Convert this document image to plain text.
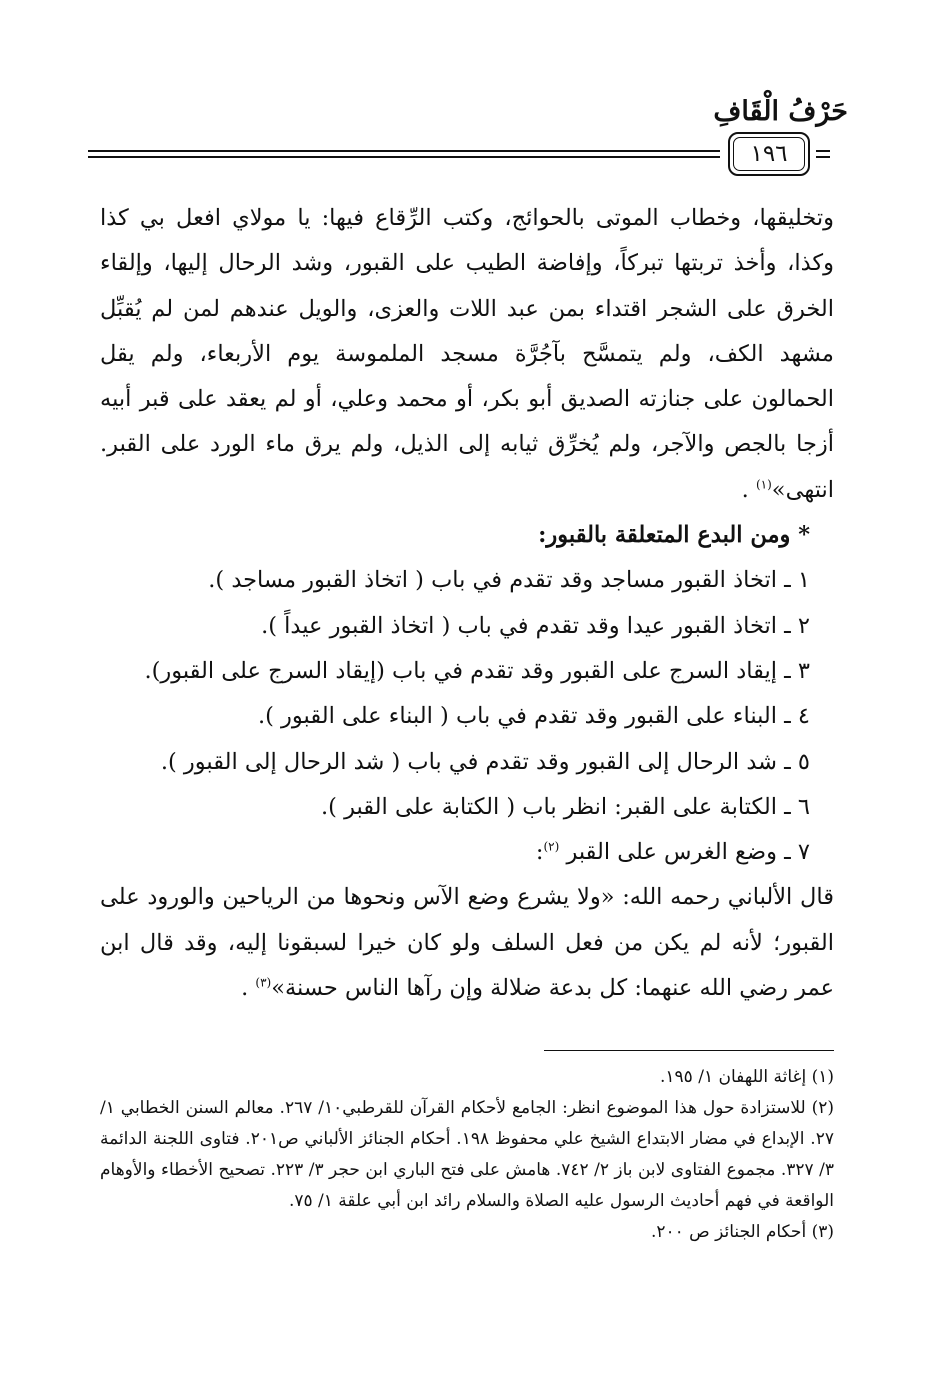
حَرْفُ الْقَافِ
١٩٦

وتخليقها، وخطاب الموتى بالحوائج، وكتب الرِّقاع فيها: يا مولاي افعل بي كذا وكذا، وأخذ تربتها تبركاً، وإفاضة الطيب على القبور، وشد الرحال إليها، وإلقاء الخرق على الشجر اقتداء بمن عبد اللات والعزى، والويل عندهم لمن لم يُقبِّل مشهد الكف، ولم يتمسَّح بآجُرَّة مسجد الملموسة يوم الأربعاء، ولم يقل الحمالون على جنازته الصديق أبو بكر، أو محمد وعلي، أو لم يعقد على قبر أبيه أزجا بالجص والآجر، ولم يُخرِّق ثيابه إلى الذيل، ولم يرق ماء الورد على القبر. انتهى»$^{(١)}$ .

* ومن البدع المتعلقة بالقبور:

١ ـ اتخاذ القبور مساجد وقد تقدم في باب ( اتخاذ القبور مساجد ).

٢ ـ اتخاذ القبور عيدا وقد تقدم في باب ( اتخاذ القبور عيداً ).

٣ ـ إيقاد السرج على القبور وقد تقدم في باب (إيقاد السرج على القبور).

٤ ـ البناء على القبور وقد تقدم في باب ( البناء على القبور ).

٥ ـ شد الرحال إلى القبور وقد تقدم في باب ( شد الرحال إلى القبور ).

٦ ـ الكتابة على القبر: انظر باب ( الكتابة على القبر ).

٧ ـ وضع الغرس على القبر $^{(٢)}$:

قال الألباني رحمه الله: «ولا يشرع وضع الآس ونحوها من الرياحين والورود على القبور؛ لأنه لم يكن من فعل السلف ولو كان خيرا لسبقونا إليه، وقد قال ابن عمر رضي الله عنهما: كل بدعة ضلالة وإن رآها الناس حسنة»$^{(٣)}$ .

(١) إغاثة اللهفان ١/ ١٩٥.

(٢) للاستزادة حول هذا الموضوع انظر: الجامع لأحكام القرآن للقرطبي١٠/ ٢٦٧. معالم السنن الخطابي ١/ ٢٧. الإبداع في مضار الابتداع الشيخ علي محفوظ ١٩٨. أحكام الجنائز الألباني ص٢٠١. فتاوى اللجنة الدائمة ٣/ ٣٢٧. مجموع الفتاوى لابن باز ٢/ ٧٤٢. هامش على فتح الباري ابن حجر ٣/ ٢٢٣. تصحيح الأخطاء والأوهام الواقعة في فهم أحاديث الرسول عليه الصلاة والسلام رائد ابن أبي علقة ١/ ٧٥.

(٣) أحكام الجنائز ص ٢٠٠.
